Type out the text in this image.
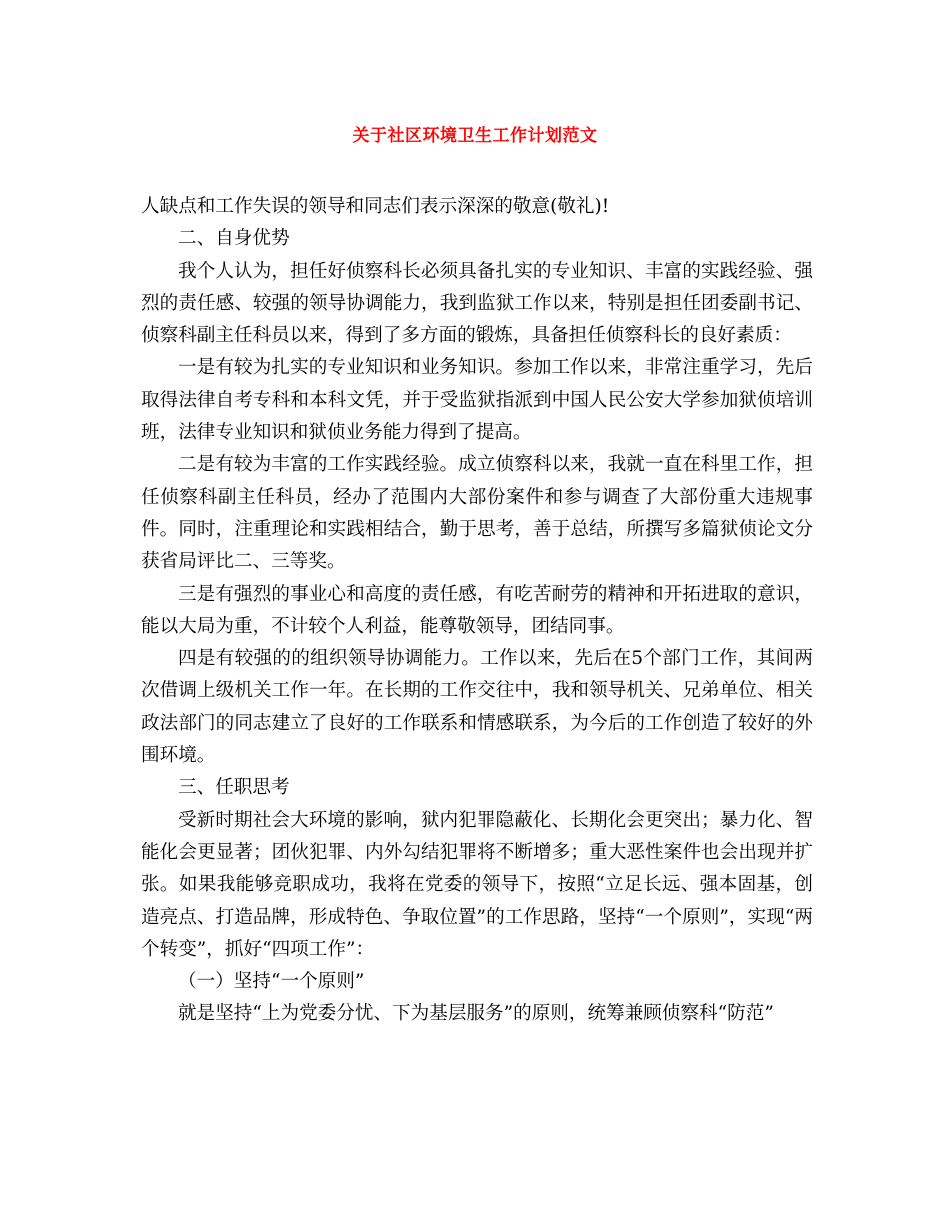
关于社区环境卫生工作计划范文

人缺点和工作失误的领导和同志们表示深深的敬意(敬礼)!

二、自身优势

我个人认为，担任好侦察科长必须具备扎实的专业知识、丰富的实践经验、强烈的责任感、较强的领导协调能力，我到监狱工作以来，特别是担任团委副书记、侦察科副主任科员以来，得到了多方面的锻炼，具备担任侦察科长的良好素质：

一是有较为扎实的专业知识和业务知识。参加工作以来，非常注重学习，先后取得法律自考专科和本科文凭，并于受监狱指派到中国人民公安大学参加狱侦培训班，法律专业知识和狱侦业务能力得到了提高。

二是有较为丰富的工作实践经验。成立侦察科以来，我就一直在科里工作，担任侦察科副主任科员，经办了范围内大部份案件和参与调查了大部份重大违规事件。同时，注重理论和实践相结合，勤于思考，善于总结，所撰写多篇狱侦论文分获省局评比二、三等奖。

三是有强烈的事业心和高度的责任感，有吃苦耐劳的精神和开拓进取的意识，能以大局为重，不计较个人利益，能尊敬领导，团结同事。

四是有较强的的组织领导协调能力。工作以来，先后在5个部门工作，其间两次借调上级机关工作一年。在长期的工作交往中，我和领导机关、兄弟单位、相关政法部门的同志建立了良好的工作联系和情感联系，为今后的工作创造了较好的外围环境。

三、任职思考

受新时期社会大环境的影响，狱内犯罪隐蔽化、长期化会更突出；暴力化、智能化会更显著；团伙犯罪、内外勾结犯罪将不断增多；重大恶性案件也会出现并扩张。如果我能够竞职成功，我将在党委的领导下，按照“立足长远、强本固基，创造亮点、打造品牌，形成特色、争取位置”的工作思路，坚持“一个原则”，实现“两个转变”，抓好“四项工作”：

（一）坚持“一个原则”

就是坚持“上为党委分忧、下为基层服务”的原则，统筹兼顾侦察科“防范”
